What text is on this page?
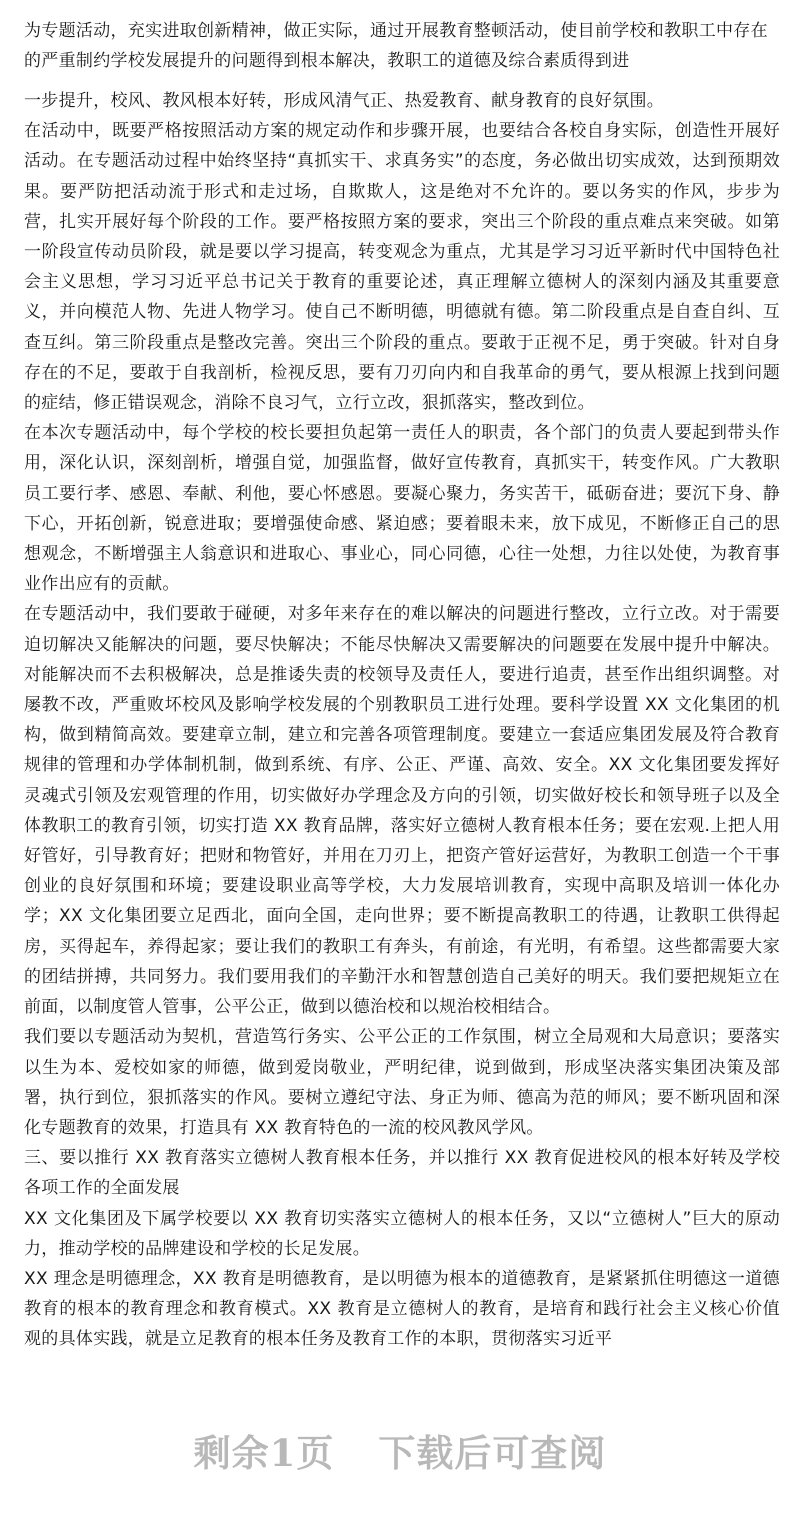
为专题活动，充实进取创新精神，做正实际，通过开展教育整顿活动，使目前学校和教职工中存在的严重制约学校发展提升的问题得到根本解决，教职工的道德及综合素质得到进

一步提升，校风、教风根本好转，形成风清气正、热爱教育、献身教育的良好氛围。

在活动中，既要严格按照活动方案的规定动作和步骤开展，也要结合各校自身实际，创造性开展好活动。在专题活动过程中始终坚持“真抓实干、求真务实”的态度，务必做出切实成效，达到预期效果。要严防把活动流于形式和走过场，自欺欺人，这是绝对不允许的。要以务实的作风，步步为营，扎实开展好每个阶段的工作。要严格按照方案的要求，突出三个阶段的重点难点来突破。如第一阶段宣传动员阶段，就是要以学习提高，转变观念为重点，尤其是学习习近平新时代中国特色社会主义思想，学习习近平总书记关于教育的重要论述，真正理解立德树人的深刻内涵及其重要意义，并向模范人物、先进人物学习。使自己不断明德，明德就有德。第二阶段重点是自查自纠、互查互纠。第三阶段重点是整改完善。突出三个阶段的重点。要敢于正视不足，勇于突破。针对自身存在的不足，要敢于自我剖析，检视反思，要有刀刃向内和自我革命的勇气，要从根源上找到问题的症结，修正错误观念，消除不良习气，立行立改，狠抓落实，整改到位。

在本次专题活动中，每个学校的校长要担负起第一责任人的职责，各个部门的负责人要起到带头作用，深化认识，深刻剖析，增强自觉，加强监督，做好宣传教育，真抓实干，转变作风。广大教职员工要行孝、感恩、奉献、利他，要心怀感恩。要凝心聚力，务实苦干，砥砺奋进；要沉下身、静下心，开拓创新，锐意进取；要增强使命感、紧迫感；要着眼未来，放下成见，不断修正自己的思想观念，不断增强主人翁意识和进取心、事业心，同心同德，心往一处想，力往以处使，为教育事业作出应有的贡献。

在专题活动中，我们要敢于碰硬，对多年来存在的难以解决的问题进行整改，立行立改。对于需要迫切解决又能解决的问题，要尽快解决；不能尽快解决又需要解决的问题要在发展中提升中解决。对能解决而不去积极解决，总是推诿失责的校领导及责任人，要进行追责，甚至作出组织调整。对屡教不改，严重败坏校风及影响学校发展的个别教职员工进行处理。要科学设置 XX 文化集团的机构，做到精简高效。要建章立制，建立和完善各项管理制度。要建立一套适应集团发展及符合教育规律的管理和办学体制机制，做到系统、有序、公正、严谨、高效、安全。XX 文化集团要发挥好灵魂式引领及宏观管理的作用，切实做好办学理念及方向的引领，切实做好校长和领导班子以及全体教职工的教育引领，切实打造 XX 教育品牌，落实好立德树人教育根本任务；要在宏观.上把人用好管好，引导教育好；把财和物管好，并用在刀刃上，把资产管好运营好，为教职工创造一个干事创业的良好氛围和环境；要建设职业高等学校，大力发展培训教育，实现中高职及培训一体化办学；XX 文化集团要立足西北，面向全国，走向世界；要不断提高教职工的待遇，让教职工供得起房，买得起车，养得起家；要让我们的教职工有奔头，有前途，有光明，有希望。这些都需要大家的团结拼搏，共同努力。我们要用我们的辛勤汗水和智慧创造自己美好的明天。我们要把规矩立在前面，以制度管人管事，公平公正，做到以德治校和以规治校相结合。

我们要以专题活动为契机，营造笃行务实、公平公正的工作氛围，树立全局观和大局意识；要落实以生为本、爱校如家的师德，做到爱岗敬业，严明纪律，说到做到，形成坚决落实集团决策及部署，执行到位，狠抓落实的作风。要树立遵纪守法、身正为师、德高为范的师风；要不断巩固和深化专题教育的效果，打造具有 XX 教育特色的一流的校风教风学风。

三、要以推行 XX 教育落实立德树人教育根本任务，并以推行 XX 教育促进校风的根本好转及学校各项工作的全面发展

XX 文化集团及下属学校要以 XX 教育切实落实立德树人的根本任务，又以“立德树人”巨大的原动力，推动学校的品牌建设和学校的长足发展。

XX 理念是明德理念，XX 教育是明德教育，是以明德为根本的道德教育，是紧紧抓住明德这一道德教育的根本的教育理念和教育模式。XX 教育是立德树人的教育，是培育和践行社会主义核心价值观的具体实践，就是立足教育的根本任务及教育工作的本职，贯彻落实习近平

剩余1页 下载后可查阅
